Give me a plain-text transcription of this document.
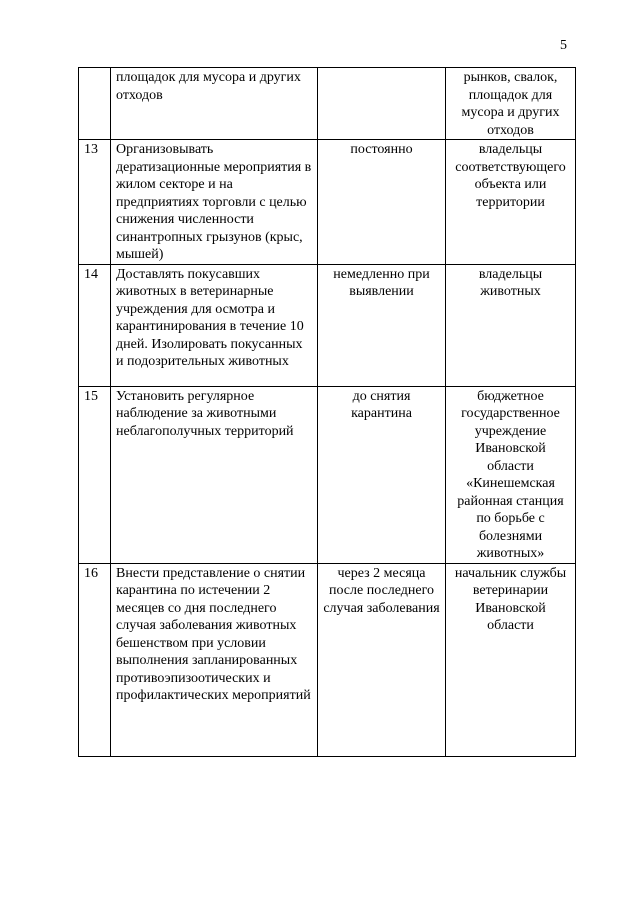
5
	площадок для мусора и других отходов		рынков, свалок, площадок для мусора и других отходов
13	Организовывать дератизационные мероприятия в жилом секторе и на предприятиях торговли с целью снижения численности синантропных грызунов (крыс, мышей)	постоянно	владельцы соответствующего объекта или территории
14	Доставлять покусавших животных в ветеринарные учреждения для осмотра и карантинирования в течение 10 дней. Изолировать покусанных и подозрительных животных	немедленно при выявлении	владельцы животных
15	Установить регулярное наблюдение за животными неблагополучных территорий	до снятия карантина	бюджетное государственное учреждение Ивановской области «Кинешемская районная станция по борьбе с болезнями животных»
16	Внести представление о снятии карантина по истечении 2 месяцев со дня последнего случая заболевания животных бешенством при условии выполнения запланированных противоэпизоотических и профилактических мероприятий	через 2 месяца после последнего случая заболевания	начальник службы ветеринарии Ивановской области
